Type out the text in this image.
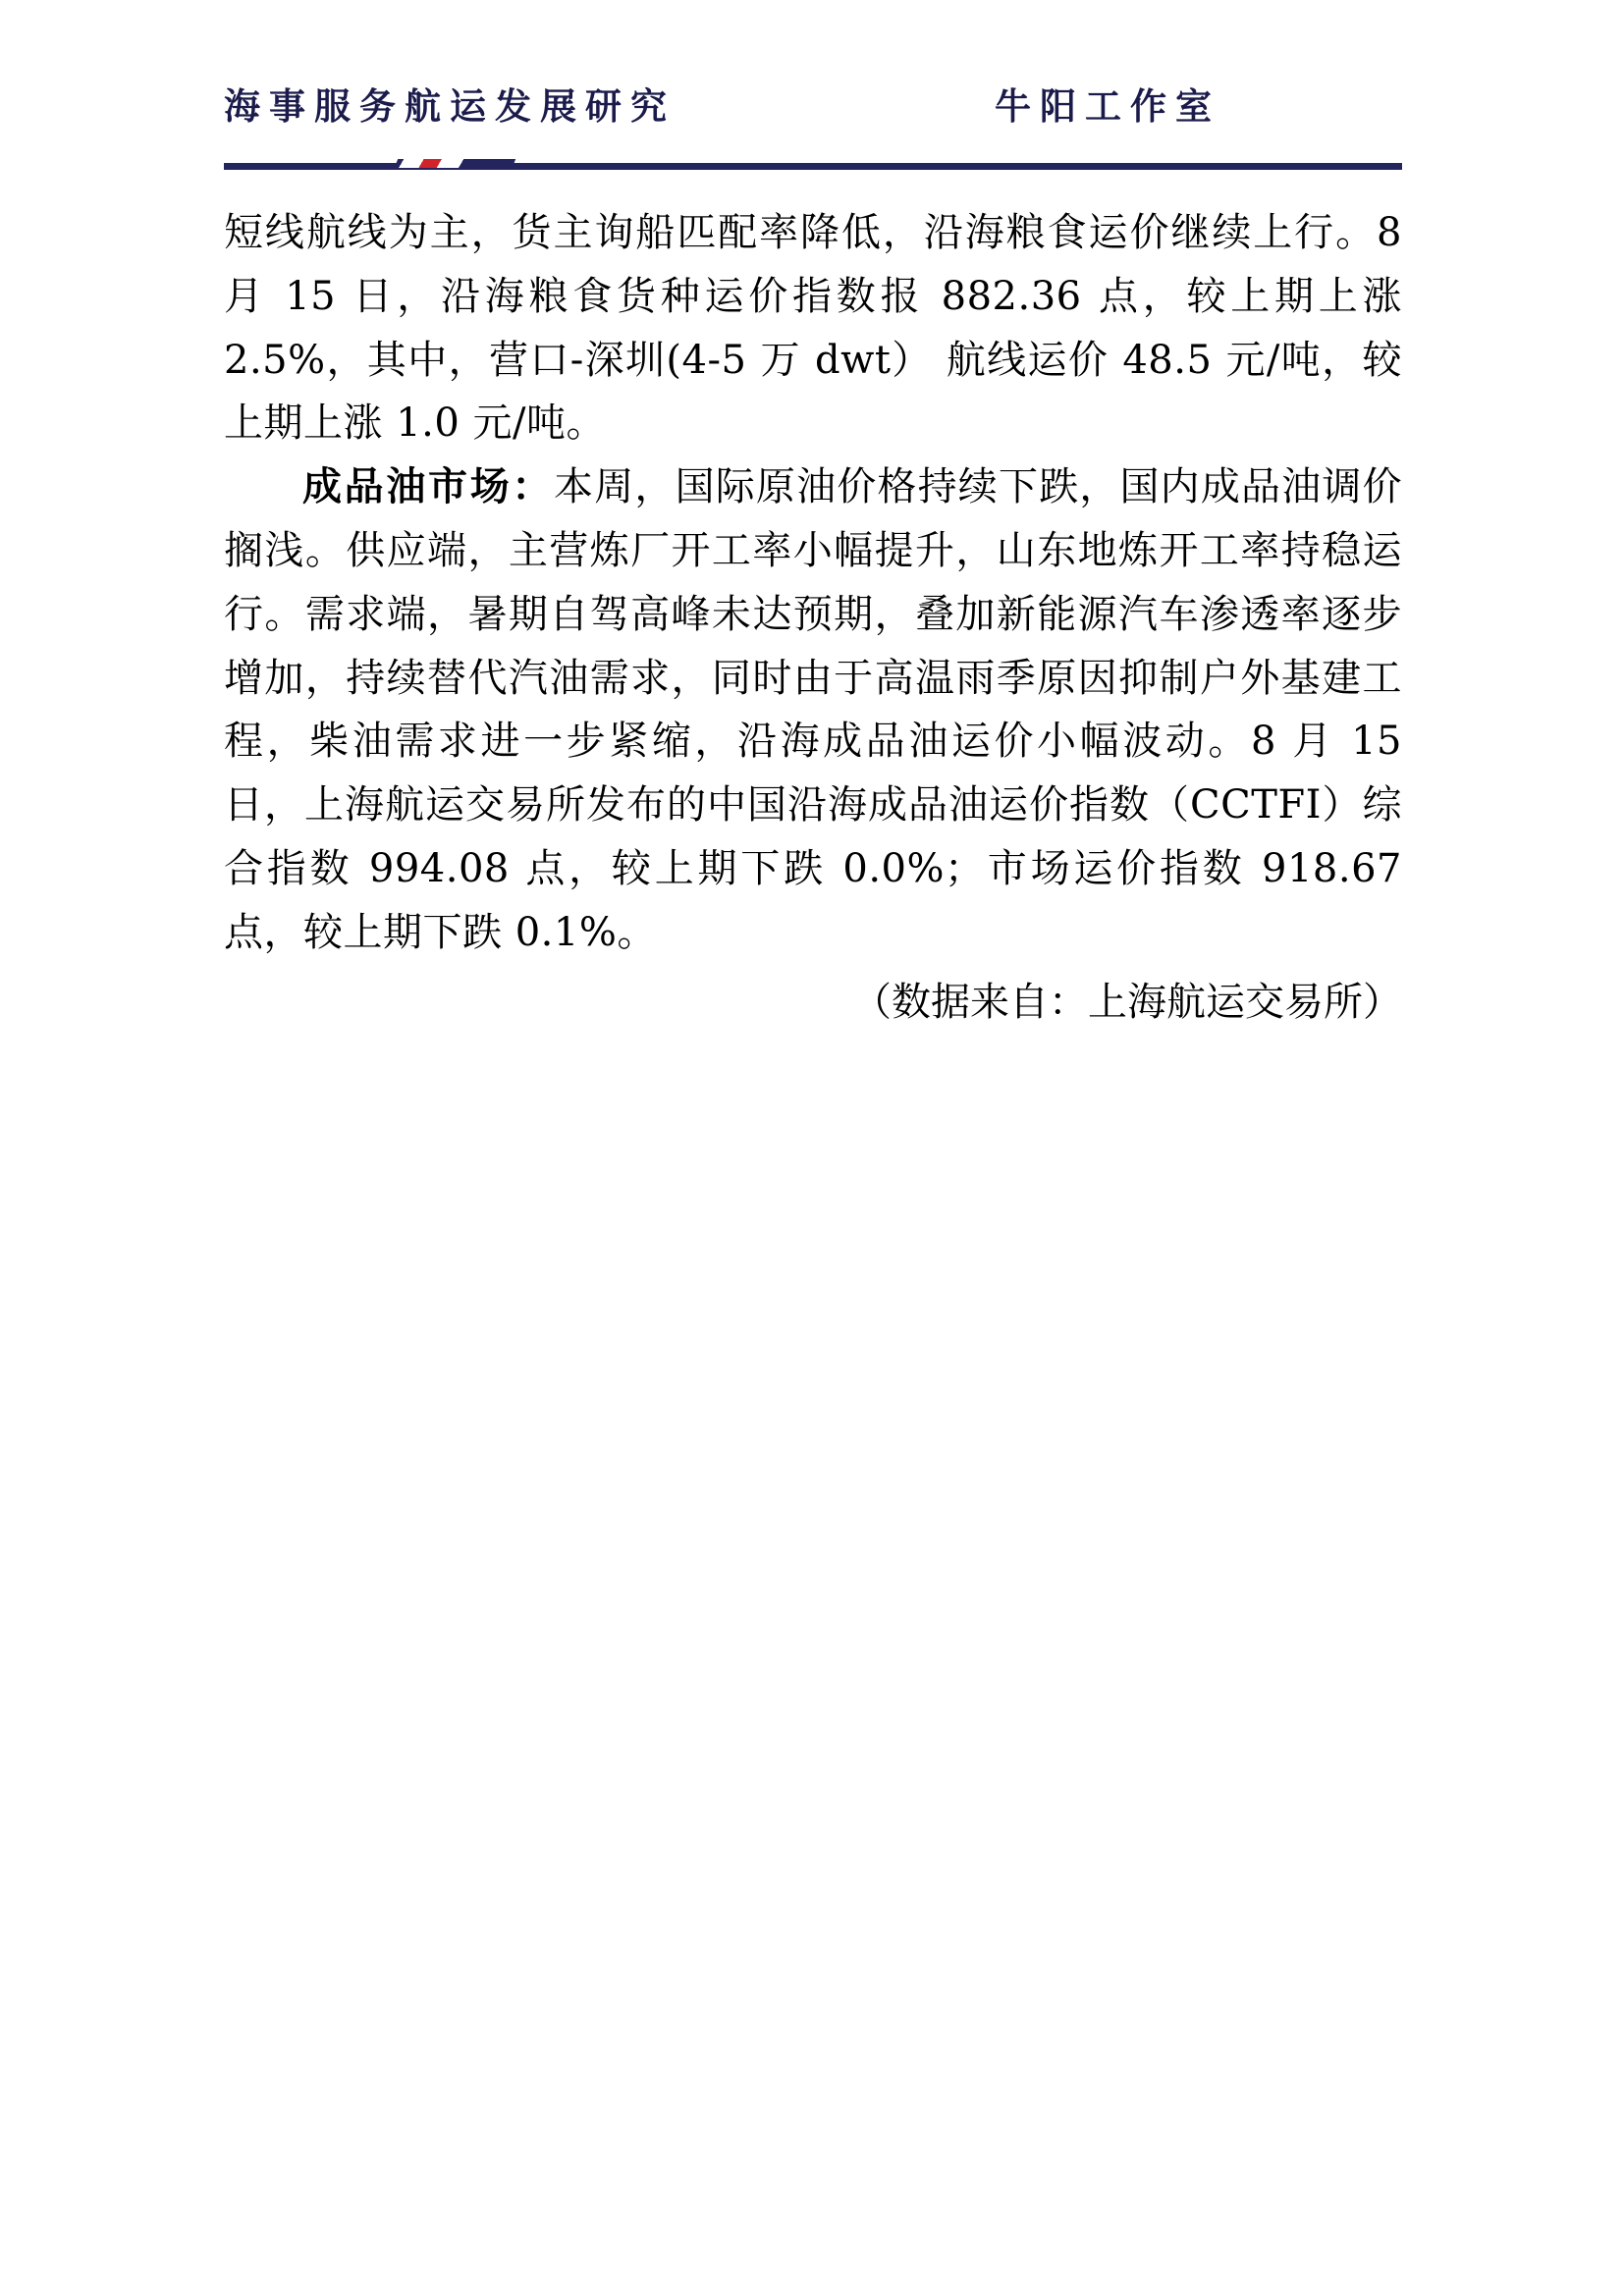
海事服务航运发展研究	牛阳工作室

短线航线为主，货主询船匹配率降低，沿海粮食运价继续上行。8 月 15 日，沿海粮食货种运价指数报 882.36 点，较上期上涨 2.5%，其中，营口-深圳(4-5 万 dwt） 航线运价 48.5 元/吨，较上期上涨 1.0 元/吨。

成品油市场：本周，国际原油价格持续下跌，国内成品油调价搁浅。供应端，主营炼厂开工率小幅提升，山东地炼开工率持稳运行。需求端，暑期自驾高峰未达预期，叠加新能源汽车渗透率逐步增加，持续替代汽油需求，同时由于高温雨季原因抑制户外基建工程，柴油需求进一步紧缩，沿海成品油运价小幅波动。8 月 15 日，上海航运交易所发布的中国沿海成品油运价指数（CCTFI）综合指数 994.08 点，较上期下跌 0.0%；市场运价指数 918.67 点，较上期下跌 0.1%。

（数据来自：上海航运交易所）
